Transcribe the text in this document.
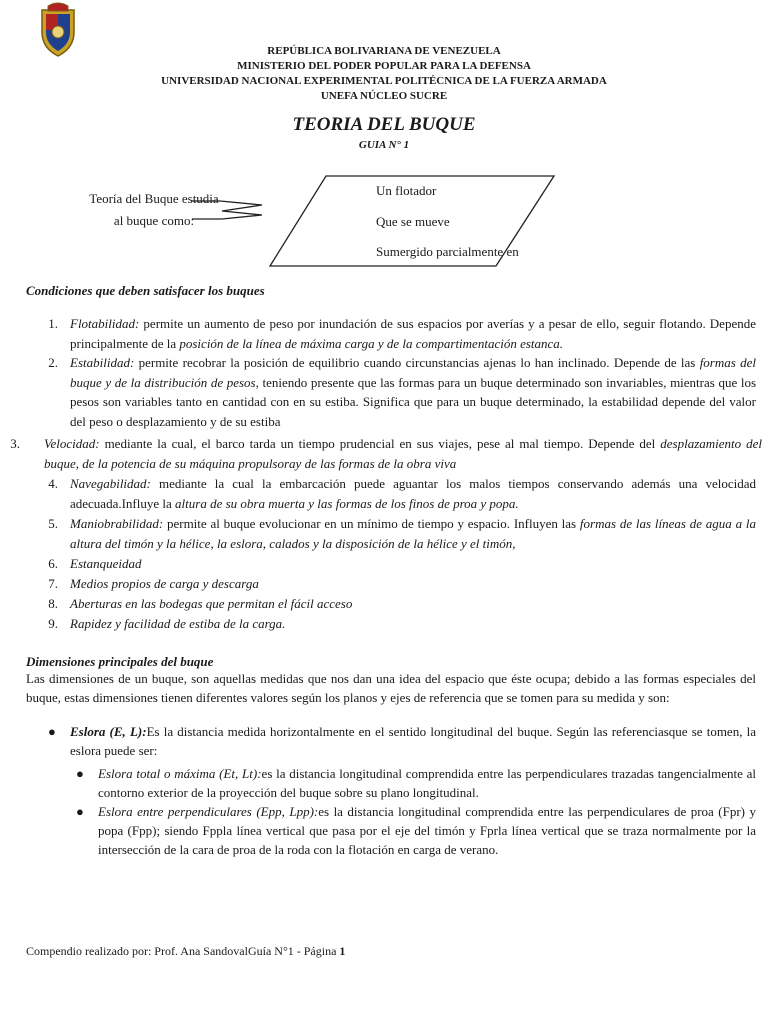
REPÚBLICA BOLIVARIANA DE VENEZUELA
MINISTERIO DEL PODER POPULAR PARA LA DEFENSA
UNIVERSIDAD NACIONAL EXPERIMENTAL POLITÉCNICA DE LA FUERZA ARMADA
UNEFA NÚCLEO SUCRE
TEORIA DEL BUQUE
GUIA N° 1
Teoría del Buque estudia
al buque como:
Un flotador
Que se mueve
Sumergido parcialmente en
Condiciones que deben satisfacer los buques
1. Flotabilidad: permite un aumento de peso por inundación de sus espacios por averías y a pesar de ello, seguir flotando. Depende principalmente de la posición de la línea de máxima carga y de la compartimentación estanca.
2. Estabilidad: permite recobrar la posición de equilibrio cuando circunstancias ajenas lo han inclinado. Depende de las formas del buque y de la distribución de pesos, teniendo presente que las formas para un buque determinado son invariables, mientras que los pesos son variables tanto en cantidad con en su estiba. Significa que para un buque determinado, la estabilidad depende del valor del peso o desplazamiento y de su estiba
3. Velocidad: mediante la cual, el barco tarda un tiempo prudencial en sus viajes, pese al mal tiempo. Depende del desplazamiento del buque, de la potencia de su máquina propulsoray de las formas de la obra viva
4. Navegabilidad: mediante la cual la embarcación puede aguantar los malos tiempos conservando además una velocidad adecuada.Influye la altura de su obra muerta y las formas de los finos de proa y popa.
5. Maniobrabilidad: permite al buque evolucionar en un mínimo de tiempo y espacio. Influyen las formas de las líneas de agua a la altura del timón y la hélice, la eslora, calados y la disposición de la hélice y el timón,
6. Estanqueidad
7. Medios propios de carga y descarga
8. Aberturas en las bodegas que permitan el fácil acceso
9. Rapidez y facilidad de estiba de la carga.
Dimensiones principales del buque
Las dimensiones de un buque, son aquellas medidas que nos dan una idea del espacio que éste ocupa; debido a las formas especiales del buque, estas dimensiones tienen diferentes valores según los planos y ejes de referencia que se tomen para su medida y son:
● Eslora (E, L):Es la distancia medida horizontalmente en el sentido longitudinal del buque. Según las referenciasque se tomen, la eslora puede ser:
● Eslora total o máxima (Et, Lt):es la distancia longitudinal comprendida entre las perpendiculares trazadas tangencialmente al contorno exterior de la proyección del buque sobre su plano longitudinal.
● Eslora entre perpendiculares (Epp, Lpp):es la distancia longitudinal comprendida entre las perpendiculares de proa (Fpr) y popa (Fpp); siendo Fppla línea vertical que pasa por el eje del timón y Fprla línea vertical que se traza normalmente por la intersección de la cara de proa de la roda con la flotación en carga de verano.
Compendio realizado por: Prof. Ana SandovalGuía N°1 - Página 1
